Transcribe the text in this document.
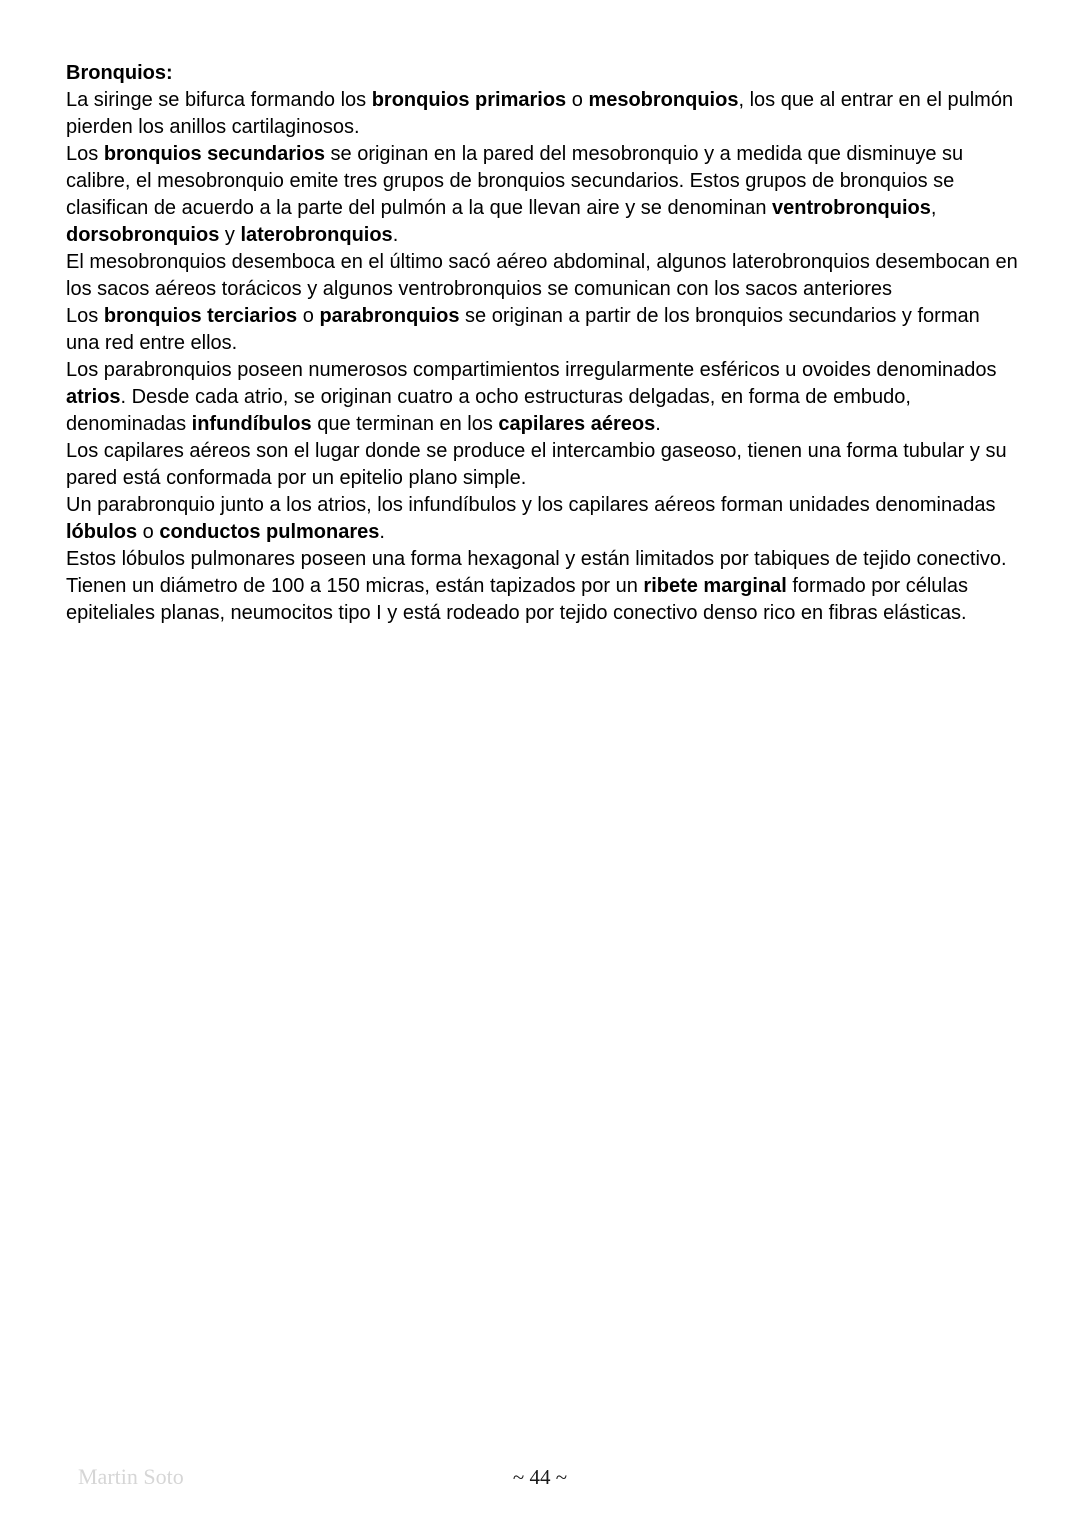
Bronquios:

La siringe se bifurca formando los bronquios primarios o mesobronquios, los que al entrar en el pulmón pierden los anillos cartilaginosos.

Los bronquios secundarios se originan en la pared del mesobronquio y a medida que disminuye su calibre, el mesobronquio emite tres grupos de bronquios secundarios. Estos grupos de bronquios se clasifican de acuerdo a la parte del pulmón a la que llevan aire y se denominan ventrobronquios, dorsobronquios y laterobronquios.

El mesobronquios desemboca en el último sacó aéreo abdominal, algunos laterobronquios desembocan en los sacos aéreos torácicos y algunos ventrobronquios se comunican con los sacos anteriores

Los bronquios terciarios o parabronquios se originan a partir de los bronquios secundarios y forman una red entre ellos.

Los parabronquios poseen numerosos compartimientos irregularmente esféricos u ovoides denominados atrios. Desde cada atrio, se originan cuatro a ocho estructuras delgadas, en forma de embudo, denominadas infundíbulos que terminan en los capilares aéreos.

Los capilares aéreos son el lugar donde se produce el intercambio gaseoso, tienen una forma tubular y su pared está conformada por un epitelio plano simple.

Un parabronquio junto a los atrios, los infundíbulos y los capilares aéreos forman unidades denominadas lóbulos o conductos pulmonares.

Estos lóbulos pulmonares poseen una forma hexagonal y están limitados por tabiques de tejido conectivo. Tienen un diámetro de 100 a 150 micras, están tapizados por un ribete marginal formado por células epiteliales planas, neumocitos tipo I y está rodeado por tejido conectivo denso rico en fibras elásticas.

Martin Soto	~ 44 ~
